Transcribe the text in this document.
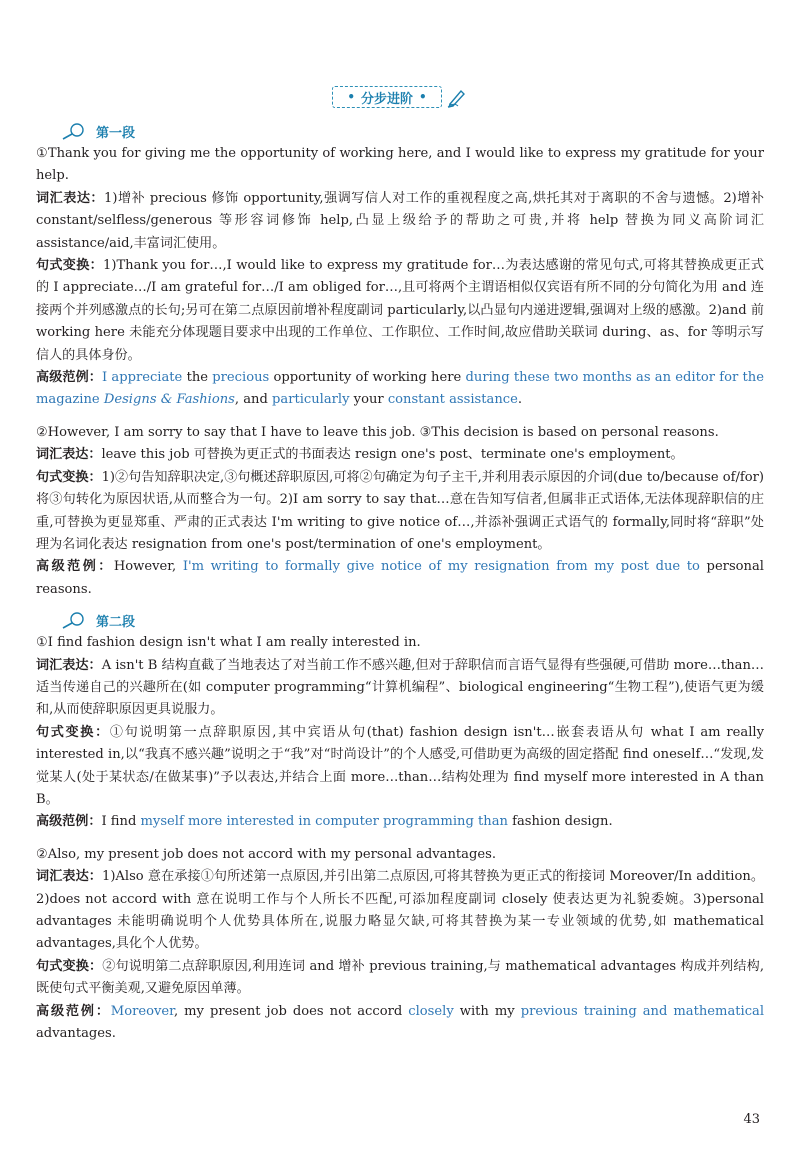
• 分步进阶 •
第一段

①Thank you for giving me the opportunity of working here, and I would like to express my gratitude for your help.

词汇表达：1)增补 precious 修饰 opportunity,强调写信人对工作的重视程度之高,烘托其对于离职的不舍与遗憾。2)增补 constant/selfless/generous 等形容词修饰 help,凸显上级给予的帮助之可贵,并将 help 替换为同义高阶词汇 assistance/aid,丰富词汇使用。

句式变换：1)Thank you for…,I would like to express my gratitude for…为表达感谢的常见句式,可将其替换成更正式的 I appreciate…/I am grateful for…/I am obliged for…,且可将两个主谓语相似仅宾语有所不同的分句简化为用 and 连接两个并列感激点的长句;另可在第二点原因前增补程度副词 particularly,以凸显句内递进逻辑,强调对上级的感激。2)and 前 working here 未能充分体现题目要求中出现的工作单位、工作职位、工作时间,故应借助关联词 during、as、for 等明示写信人的具体身份。

高级范例：I appreciate the precious opportunity of working here during these two months as an editor for the magazine Designs & Fashions, and particularly your constant assistance.

②However, I am sorry to say that I have to leave this job. ③This decision is based on personal reasons.

词汇表达：leave this job 可替换为更正式的书面表达 resign one's post、terminate one's employment。

句式变换：1)②句告知辞职决定,③句概述辞职原因,可将②句确定为句子主干,并利用表示原因的介词(due to/because of/for)将③句转化为原因状语,从而整合为一句。2)I am sorry to say that…意在告知写信者,但属非正式语体,无法体现辞职信的庄重,可替换为更显郑重、严肃的正式表达 I'm writing to give notice of…,并添补强调正式语气的 formally,同时将“辞职”处理为名词化表达 resignation from one's post/termination of one's employment。

高级范例：However, I'm writing to formally give notice of my resignation from my post due to personal reasons.

第二段

①I find fashion design isn't what I am really interested in.

词汇表达：A isn't B 结构直截了当地表达了对当前工作不感兴趣,但对于辞职信而言语气显得有些强硬,可借助 more…than…适当传递自己的兴趣所在(如 computer programming“计算机编程”、biological engineering“生物工程”),使语气更为缓和,从而使辞职原因更具说服力。

句式变换：①句说明第一点辞职原因,其中宾语从句(that) fashion design isn't…嵌套表语从句 what I am really interested in,以“我真不感兴趣”说明之于“我”对“时尚设计”的个人感受,可借助更为高级的固定搭配 find oneself…“发现,发觉某人(处于某状态/在做某事)”予以表达,并结合上面 more…than…结构处理为 find myself more interested in A than B。

高级范例：I find myself more interested in computer programming than fashion design.

②Also, my present job does not accord with my personal advantages.

词汇表达：1)Also 意在承接①句所述第一点原因,并引出第二点原因,可将其替换为更正式的衔接词 Moreover/In addition。2)does not accord with 意在说明工作与个人所长不匹配,可添加程度副词 closely 使表达更为礼貌委婉。3)personal advantages 未能明确说明个人优势具体所在,说服力略显欠缺,可将其替换为某一专业领域的优势,如 mathematical advantages,具化个人优势。

句式变换：②句说明第二点辞职原因,利用连词 and 增补 previous training,与 mathematical advantages 构成并列结构,既使句式平衡美观,又避免原因单薄。

高级范例：Moreover, my present job does not accord closely with my previous training and mathematical advantages.

43
